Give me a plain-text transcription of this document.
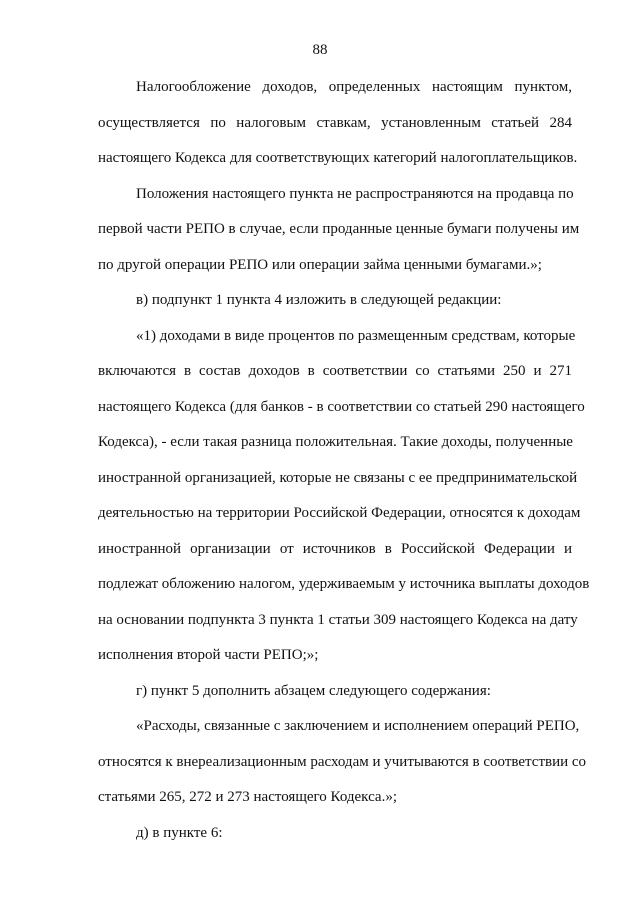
88
Налогообложение доходов, определенных настоящим пунктом,
осуществляется по налоговым ставкам, установленным статьей 284
настоящего Кодекса для соответствующих категорий налогоплательщиков.
Положения настоящего пункта не распространяются на продавца по
первой части РЕПО в случае, если проданные ценные бумаги получены им
по другой операции РЕПО или операции займа ценными бумагами.»;
в) подпункт 1 пункта 4 изложить в следующей редакции:
«1) доходами в виде процентов по размещенным средствам, которые
включаются в состав доходов в соответствии со статьями 250 и 271
настоящего Кодекса (для банков - в соответствии со статьей 290 настоящего
Кодекса), - если такая разница положительная. Такие доходы, полученные
иностранной организацией, которые не связаны с ее предпринимательской
деятельностью на территории Российской Федерации, относятся к доходам
иностранной организации от источников в Российской Федерации и
подлежат обложению налогом, удерживаемым у источника выплаты доходов
на основании подпункта 3 пункта 1 статьи 309 настоящего Кодекса на дату
исполнения второй части РЕПО;»;
г) пункт 5 дополнить абзацем следующего содержания:
«Расходы, связанные с заключением и исполнением операций РЕПО,
относятся к внереализационным расходам и учитываются в соответствии со
статьями 265, 272 и 273 настоящего Кодекса.»;
д) в пункте 6:
